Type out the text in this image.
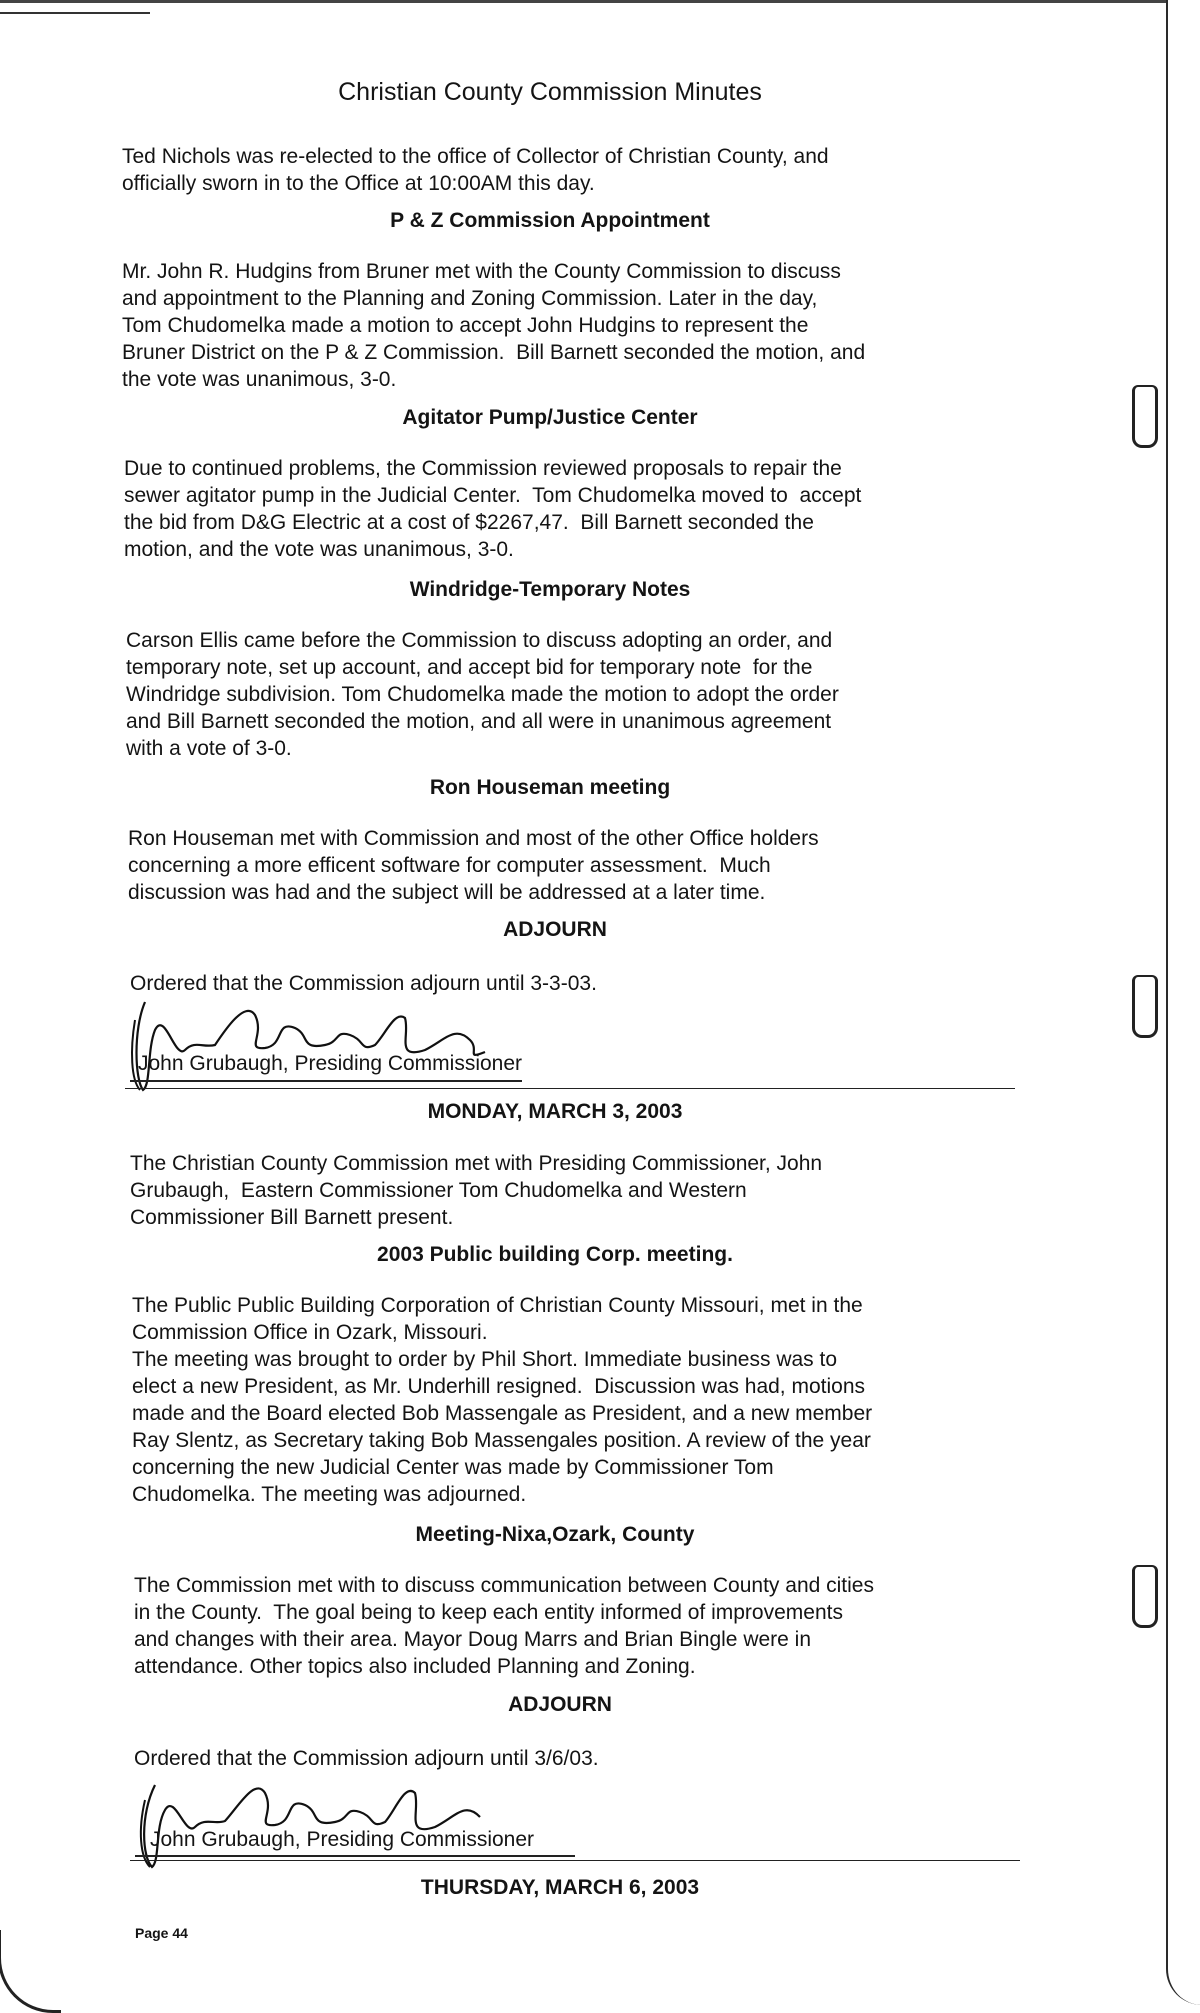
Christian County Commission Minutes
Ted Nichols was re-elected to the office of Collector of Christian County, and
officially sworn in to the Office at 10:00AM this day.
P & Z Commission Appointment
Mr. John R. Hudgins from Bruner met with the County Commission to discuss
and appointment to the Planning and Zoning Commission. Later in the day,
Tom Chudomelka made a motion to accept John Hudgins to represent the
Bruner District on the P & Z Commission.  Bill Barnett seconded the motion, and
the vote was unanimous, 3-0.
Agitator Pump/Justice Center
Due to continued problems, the Commission reviewed proposals to repair the
sewer agitator pump in the Judicial Center.  Tom Chudomelka moved to  accept
the bid from D&G Electric at a cost of $2267,47.  Bill Barnett seconded the
motion, and the vote was unanimous, 3-0.
Windridge-Temporary Notes
Carson Ellis came before the Commission to discuss adopting an order, and
temporary note, set up account, and accept bid for temporary note  for the
Windridge subdivision. Tom Chudomelka made the motion to adopt the order
and Bill Barnett seconded the motion, and all were in unanimous agreement
with a vote of 3-0.
Ron Houseman meeting
Ron Houseman met with Commission and most of the other Office holders
concerning a more efficent software for computer assessment.  Much
discussion was had and the subject will be addressed at a later time.
ADJOURN
Ordered that the Commission adjourn until 3-3-03.
John Grubaugh, Presiding Commissioner
MONDAY, MARCH 3, 2003
The Christian County Commission met with Presiding Commissioner, John
Grubaugh,  Eastern Commissioner Tom Chudomelka and Western
Commissioner Bill Barnett present.
2003 Public building Corp. meeting.
The Public Public Building Corporation of Christian County Missouri, met in the
Commission Office in Ozark, Missouri.
The meeting was brought to order by Phil Short. Immediate business was to
elect a new President, as Mr. Underhill resigned.  Discussion was had, motions
made and the Board elected Bob Massengale as President, and a new member
Ray Slentz, as Secretary taking Bob Massengales position. A review of the year
concerning the new Judicial Center was made by Commissioner Tom
Chudomelka. The meeting was adjourned.
Meeting-Nixa,Ozark, County
The Commission met with to discuss communication between County and cities
in the County.  The goal being to keep each entity informed of improvements
and changes with their area. Mayor Doug Marrs and Brian Bingle were in
attendance. Other topics also included Planning and Zoning.
ADJOURN
Ordered that the Commission adjourn until 3/6/03.
John Grubaugh, Presiding Commissioner
THURSDAY, MARCH 6, 2003
Page 44
